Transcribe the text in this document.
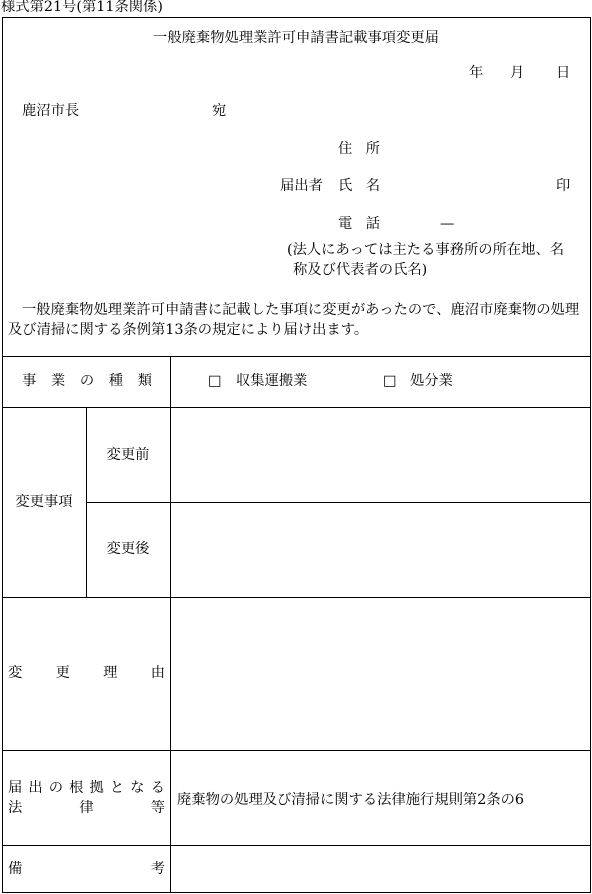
様式第21号(第11条関係)
一般廃棄物処理業許可申請書記載事項変更届
年 月 日
鹿沼市長	宛
住 所
届出者 氏 名	印
電 話	—
(法人にあっては主たる事務所の所在地、名
称及び代表者の氏名)
一般廃棄物処理業許可申請書に記載した事項に変更があったので、鹿沼市廃棄物の処理
及び清掃に関する条例第13条の規定により届け出ます。
事 業 の 種 類	□ 収集運搬業	□ 処分業
変更事項
変更前
変更後
変 更 理 由
届 出 の 根 拠 と な る
法	律	等 廃棄物の処理及び清掃に関する法律施行規則第2条の6
備	考
